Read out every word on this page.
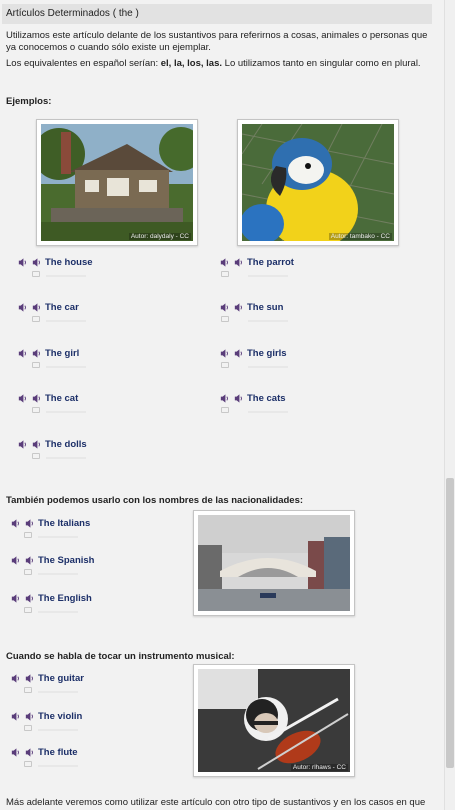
Artículos Determinados ( the )

Utilizamos este artículo delante de los sustantivos para referirnos a cosas, animales o personas que ya conocemos o cuando sólo existe un ejemplar.

Los equivalentes en español serían: el, la, los, las. Lo utilizamos tanto en singular como en plural.

Ejemplos:
Autor: dalydaly - CC	Autor: tambako - CC
The house
The car
The girl
The cat
The dolls
The parrot
The sun
The girls
The cats
También podemos usarlo con los nombres de las nacionalidades:
The Italians
The Spanish
The English
Cuando se habla de tocar un instrumento musical:
The guitar
The violin
The flute
Autor: rlhaws - CC
Más adelante veremos como utilizar este artículo con otro tipo de sustantivos y en los casos en que
